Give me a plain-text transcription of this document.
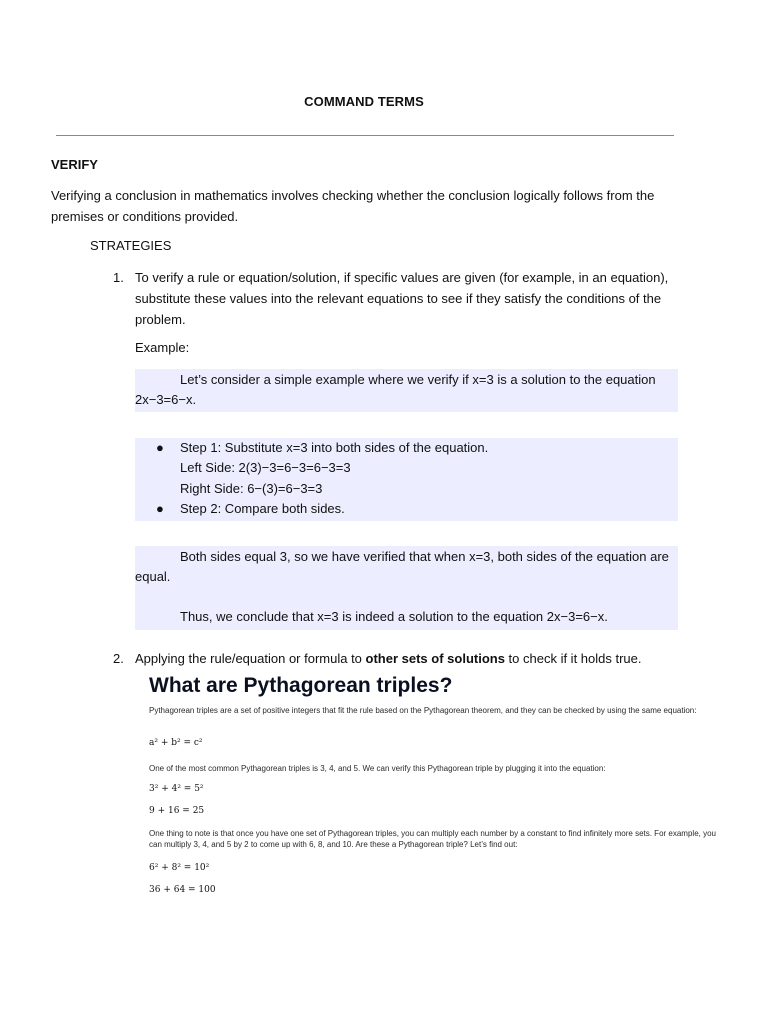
COMMAND TERMS
VERIFY
Verifying a conclusion in mathematics involves checking whether the conclusion logically follows from the premises or conditions provided.
STRATEGIES
1. To verify a rule or equation/solution, if specific values are given (for example, in an equation), substitute these values into the relevant equations to see if they satisfy the conditions of the problem.
Example:
Let’s consider a simple example where we verify if x=3 is a solution to the equation 2x−3=6−x.
● Step 1: Substitute x=3 into both sides of the equation.
Left Side: 2(3)−3=6−3=6−3=3
Right Side: 6−(3)=6−3=3
● Step 2: Compare both sides.
Both sides equal 3, so we have verified that when x=3, both sides of the equation are equal.
Thus, we conclude that x=3 is indeed a solution to the equation 2x−3=6−x.
2. Applying the rule/equation or formula to other sets of solutions to check if it holds true.
What are Pythagorean triples?
Pythagorean triples are a set of positive integers that fit the rule based on the Pythagorean theorem, and they can be checked by using the same equation:
a² + b² = c²
One of the most common Pythagorean triples is 3, 4, and 5. We can verify this Pythagorean triple by plugging it into the equation:
3² + 4² = 5²
9 + 16 = 25
One thing to note is that once you have one set of Pythagorean triples, you can multiply each number by a constant to find infinitely more sets. For example, you can multiply 3, 4, and 5 by 2 to come up with 6, 8, and 10. Are these a Pythagorean triple? Let’s find out:
6² + 8² = 10²
36 + 64 = 100
